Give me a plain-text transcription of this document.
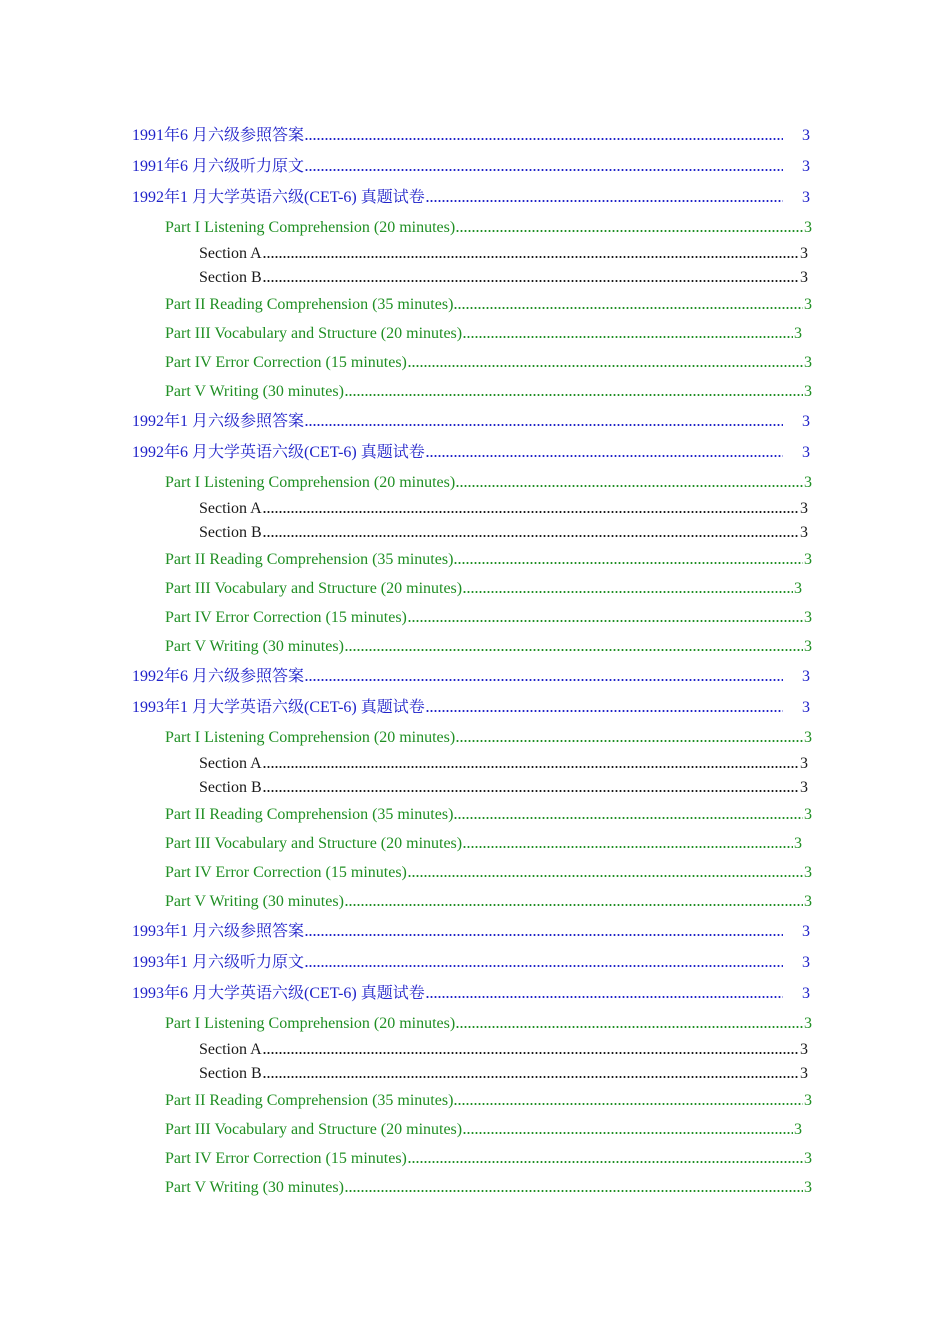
1991年6 月六级参照答案	3
1991年6 月六级听力原文	3
1992年1 月大学英语六级(CET-6) 真题试卷	3
Part I Listening Comprehension (20 minutes)	3
Section A	3
Section B	3
Part II Reading Comprehension (35 minutes)	3
Part III Vocabulary and Structure (20 minutes)	3
Part IV Error Correction (15 minutes)	3
Part V Writing (30 minutes)	3
1992年1 月六级参照答案	3
1992年6 月大学英语六级(CET-6) 真题试卷	3
Part I Listening Comprehension (20 minutes)	3
Section A	3
Section B	3
Part II Reading Comprehension (35 minutes)	3
Part III Vocabulary and Structure (20 minutes)	3
Part IV Error Correction (15 minutes)	3
Part V Writing (30 minutes)	3
1992年6 月六级参照答案	3
1993年1 月大学英语六级(CET-6) 真题试卷	3
Part I Listening Comprehension (20 minutes)	3
Section A	3
Section B	3
Part II Reading Comprehension (35 minutes)	3
Part III Vocabulary and Structure (20 minutes)	3
Part IV Error Correction (15 minutes)	3
Part V Writing (30 minutes)	3
1993年1 月六级参照答案	3
1993年1 月六级听力原文	3
1993年6 月大学英语六级(CET-6) 真题试卷	3
Part I Listening Comprehension (20 minutes)	3
Section A	3
Section B	3
Part II Reading Comprehension (35 minutes)	3
Part III Vocabulary and Structure (20 minutes)	3
Part IV Error Correction (15 minutes)	3
Part V Writing (30 minutes)	3
